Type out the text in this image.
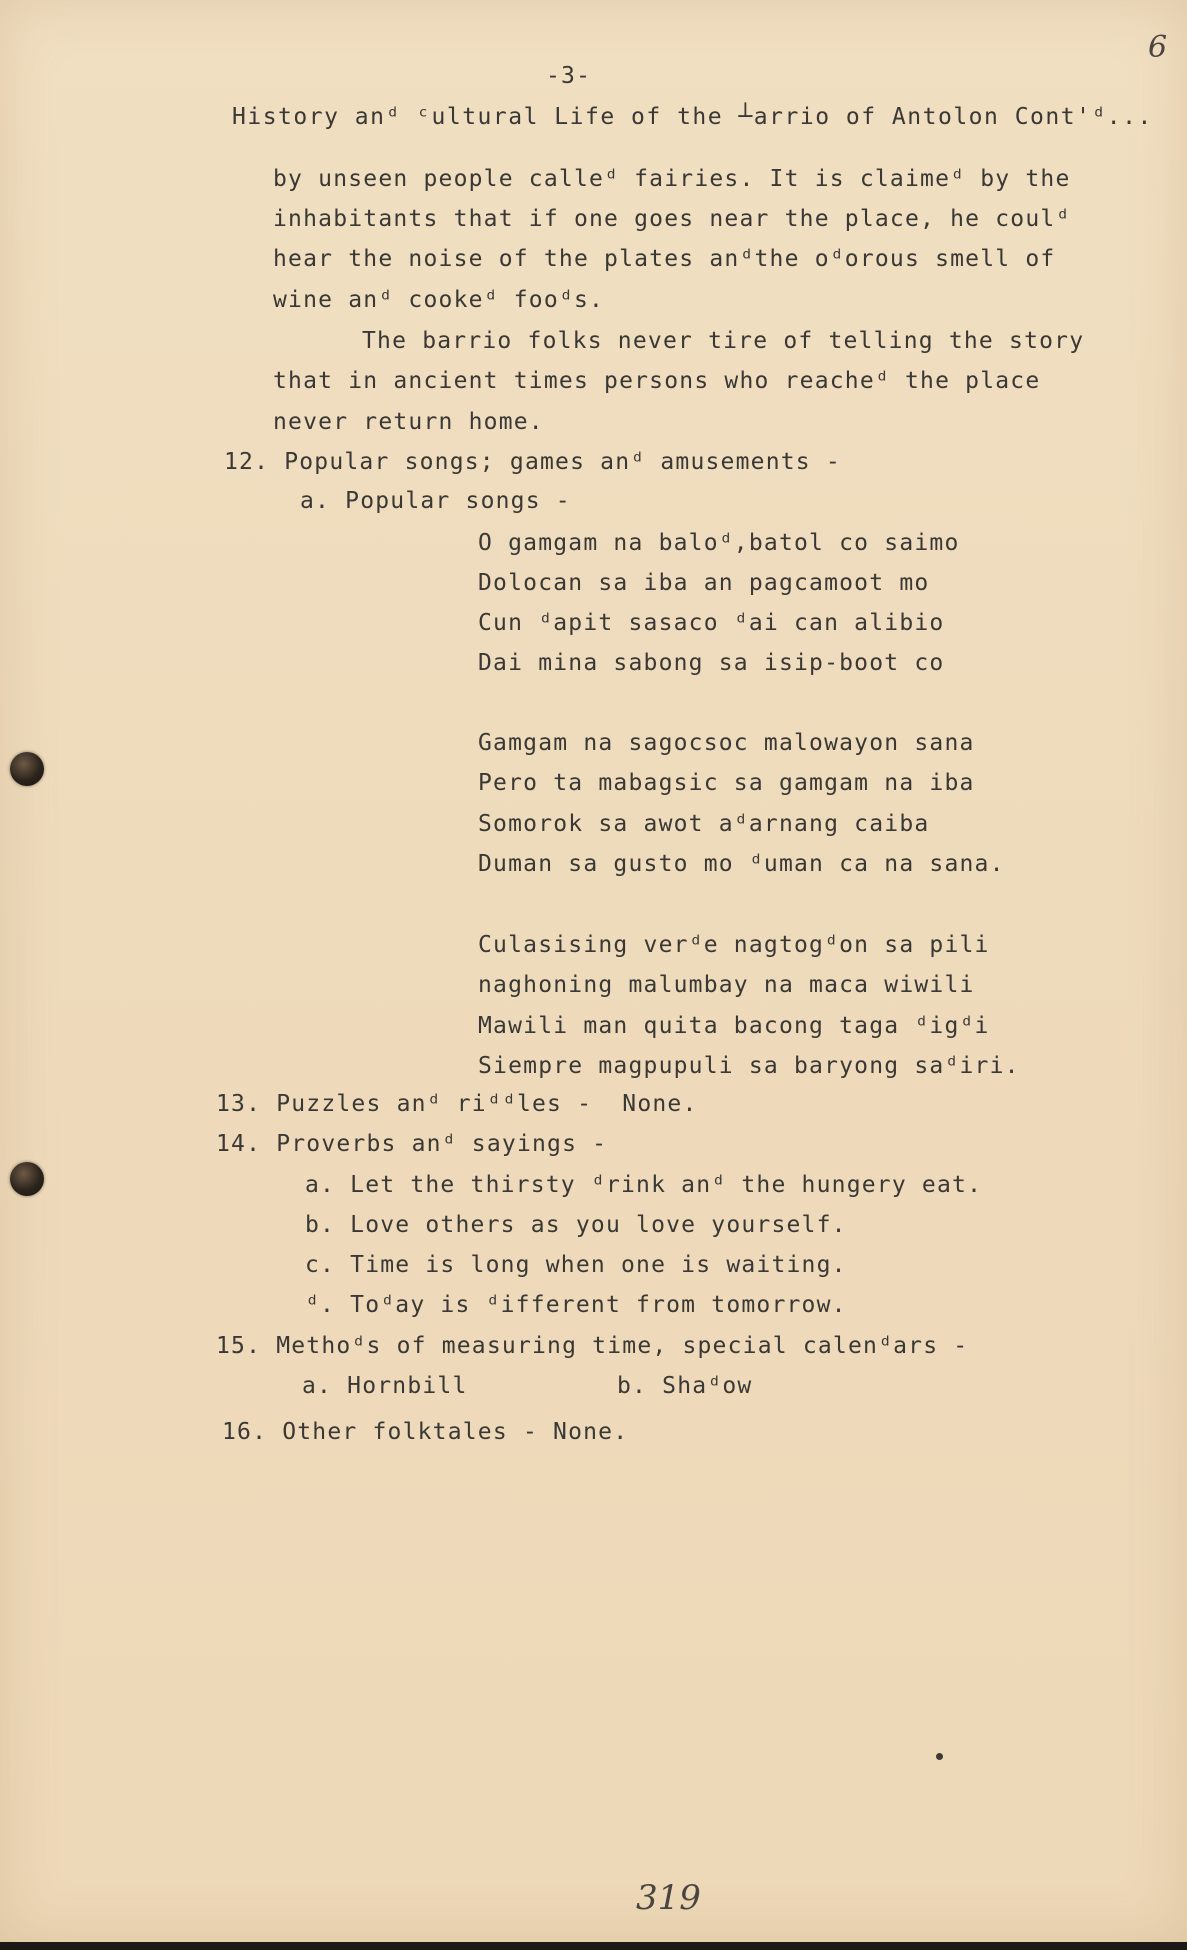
6
-3-
History anᵈ ᶜultural Life of the ┴arrio of Antolon Cont'ᵈ...
by unseen people calleᵈ fairies. It is claimeᵈ by the
inhabitants that if one goes near the place, he coulᵈ
hear the noise of the plates anᵈthe oᵈorous smell of
wine anᵈ cookeᵈ fooᵈs.
The barrio folks never tire of telling the story
that in ancient times persons who reacheᵈ the place
never return home.
12. Popular songs; games anᵈ amusements -
a. Popular songs -
O gamgam na baloᵈ,batol co saimo
Dolocan sa iba an pagcamoot mo
Cun ᵈapit sasaco ᵈai can alibio
Dai mina sabong sa isip-boot co
Gamgam na sagocsoc malowayon sana
Pero ta mabagsic sa gamgam na iba
Somorok sa awot aᵈarnang caiba
Duman sa gusto mo ᵈuman ca na sana.
Culasising verᵈe nagtogᵈon sa pili
naghoning malumbay na maca wiwili
Mawili man quita bacong taga ᵈigᵈi
Siempre magpupuli sa baryong saᵈiri.
13. Puzzles anᵈ riᵈᵈles -  None.
14. Proverbs anᵈ sayings -
a. Let the thirsty ᵈrink anᵈ the hungery eat.
b. Love others as you love yourself.
c. Time is long when one is waiting.
ᵈ. Toᵈay is ᵈifferent from tomorrow.
15. Methoᵈs of measuring time, special calenᵈars -
a. Hornbill	b. Shaᵈow
16. Other folktales - None.
319
